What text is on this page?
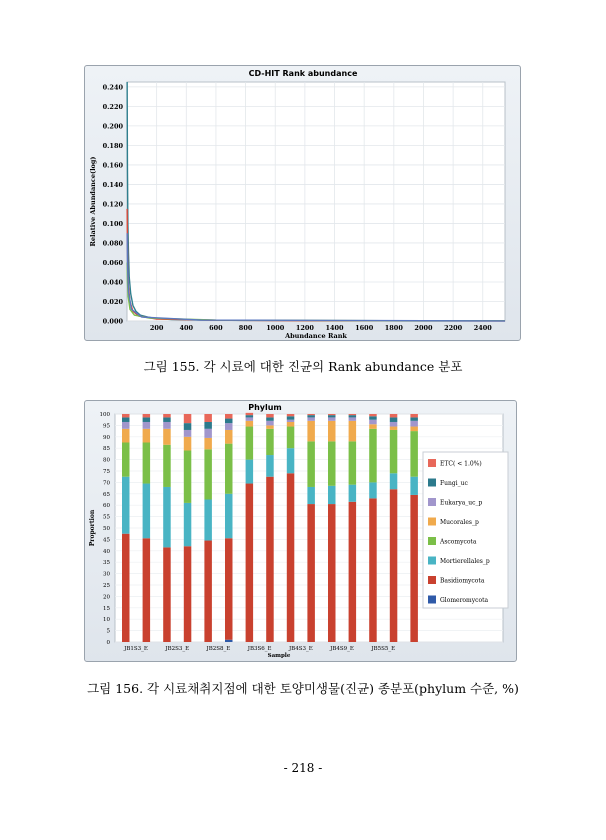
CD-HIT Rank abundance
0.000
0.020
0.040
0.060
0.080
0.100
0.120
0.140
0.160
0.180
0.200
0.220
0.240
200 400 600 800 1000 1200 1400 1600 1800 2000 2200 2400
Abundance Rank
Relative Abundance(log)
그림 155. 각 시료에 대한 진균의 Rank abundance 분포
Phylum
0
5
10
15
20
25
30
35
40
45
50
55
60
65
70
75
80
85
90
95
100
Proportion
JB1S3_E	JB2S3_E	JB2S8_E	JB3S6_E	JB4S3_E	JB4S9_E	JB5S5_E
Sample
ETC( < 1.0%)
Fungi_uc
Eukarya_uc_p
Mucorales_p
Ascomycota
Mortierellales_p
Basidiomycota
Glomeromycota
그림 156. 각 시료채취지점에 대한 토양미생물(진균) 종분포(phylum 수준, %)
- 218 -
